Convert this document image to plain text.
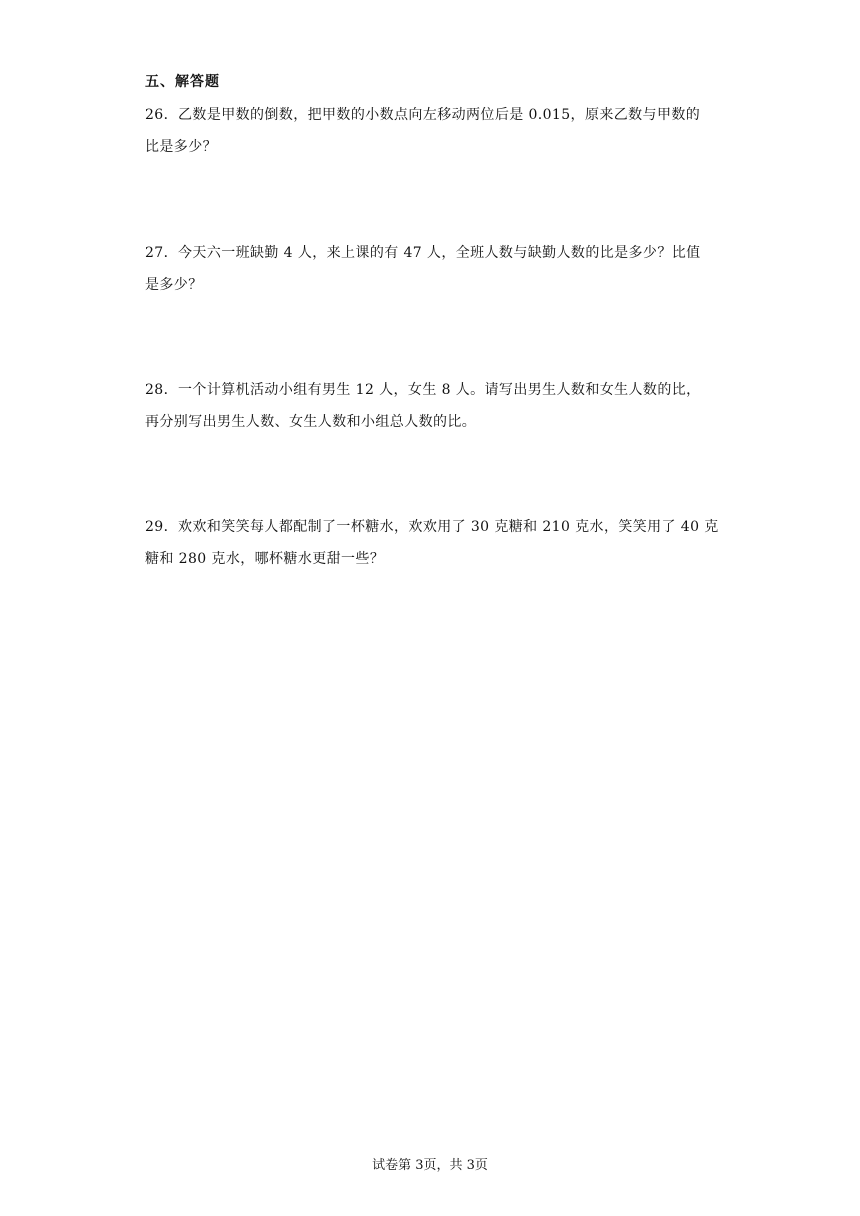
五、解答题
26．乙数是甲数的倒数，把甲数的小数点向左移动两位后是 0.015，原来乙数与甲数的
比是多少？
27．今天六一班缺勤 4 人，来上课的有 47 人，全班人数与缺勤人数的比是多少？比值
是多少？
28．一个计算机活动小组有男生 12 人，女生 8 人。请写出男生人数和女生人数的比，
再分别写出男生人数、女生人数和小组总人数的比。
29．欢欢和笑笑每人都配制了一杯糖水，欢欢用了 30 克糖和 210 克水，笑笑用了 40 克
糖和 280 克水，哪杯糖水更甜一些？
试卷第 3页，共 3页
